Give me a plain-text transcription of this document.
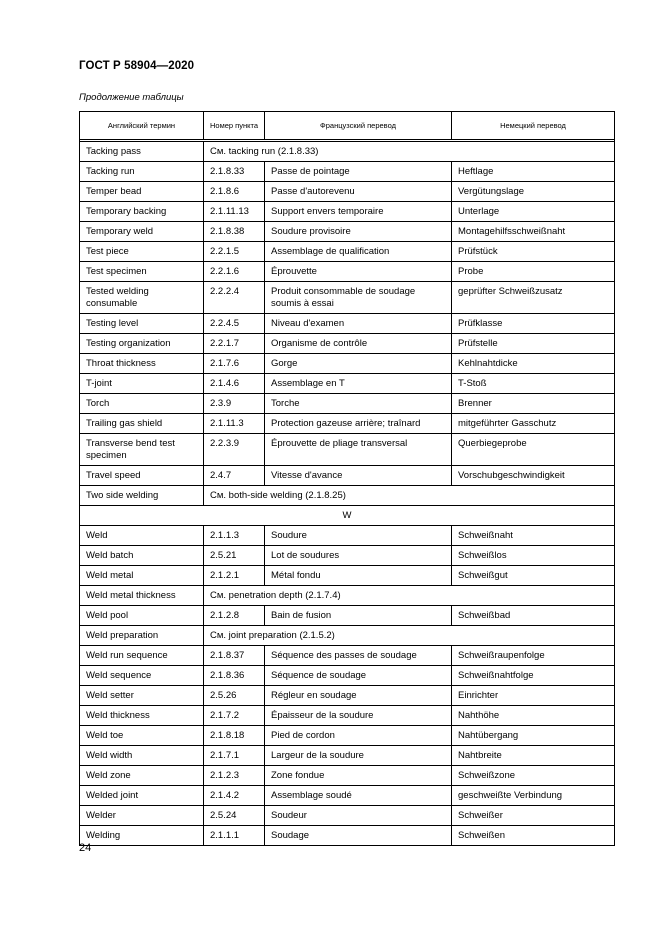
ГОСТ Р 58904—2020
Продолжение таблицы
Английский термин	Номер пункта	Французский перевод	Немецкий перевод

Tacking pass	См. tacking run (2.1.8.33)		
Tacking run	2.1.8.33	Passe de pointage	Heftlage
Temper bead	2.1.8.6	Passe d'autorevenu	Vergütungslage
Temporary backing	2.1.11.13	Support envers temporaire	Unterlage
Temporary weld	2.1.8.38	Soudure provisoire	Montagehilfsschweißnaht
Test piece	2.2.1.5	Assemblage de qualification	Prüfstück
Test specimen	2.2.1.6	Éprouvette	Probe
Tested welding consumable	2.2.2.4	Produit consommable de soudage soumis à essai	geprüfter Schweißzusatz
Testing level	2.2.4.5	Niveau d'examen	Prüfklasse
Testing organization	2.2.1.7	Organisme de contrôle	Prüfstelle
Throat thickness	2.1.7.6	Gorge	Kehlnahtdicke
T-joint	2.1.4.6	Assemblage en T	T-Stoß
Torch	2.3.9	Torche	Brenner
Trailing gas shield	2.1.11.3	Protection gazeuse arrière; traînard	mitgeführter Gasschutz
Transverse bend test specimen	2.2.3.9	Éprouvette de pliage transversal	Querbiegeprobe
Travel speed	2.4.7	Vitesse d'avance	Vorschubgeschwindigkeit
Two side welding	См. both-side welding (2.1.8.25)		
W			
Weld	2.1.1.3	Soudure	Schweißnaht
Weld batch	2.5.21	Lot de soudures	Schweißlos
Weld metal	2.1.2.1	Métal fondu	Schweißgut
Weld metal thickness	См. penetration depth (2.1.7.4)		
Weld pool	2.1.2.8	Bain de fusion	Schweißbad
Weld preparation	См. joint preparation (2.1.5.2)		
Weld run sequence	2.1.8.37	Séquence des passes de soudage	Schweißraupenfolge
Weld sequence	2.1.8.36	Séquence de soudage	Schweißnahtfolge
Weld setter	2.5.26	Régleur en soudage	Einrichter
Weld thickness	2.1.7.2	Épaisseur de la soudure	Nahthöhe
Weld toe	2.1.8.18	Pied de cordon	Nahtübergang
Weld width	2.1.7.1	Largeur de la soudure	Nahtbreite
Weld zone	2.1.2.3	Zone fondue	Schweißzone
Welded joint	2.1.4.2	Assemblage soudé	geschweißte Verbindung
Welder	2.5.24	Soudeur	Schweißer
Welding	2.1.1.1	Soudage	Schweißen
24
